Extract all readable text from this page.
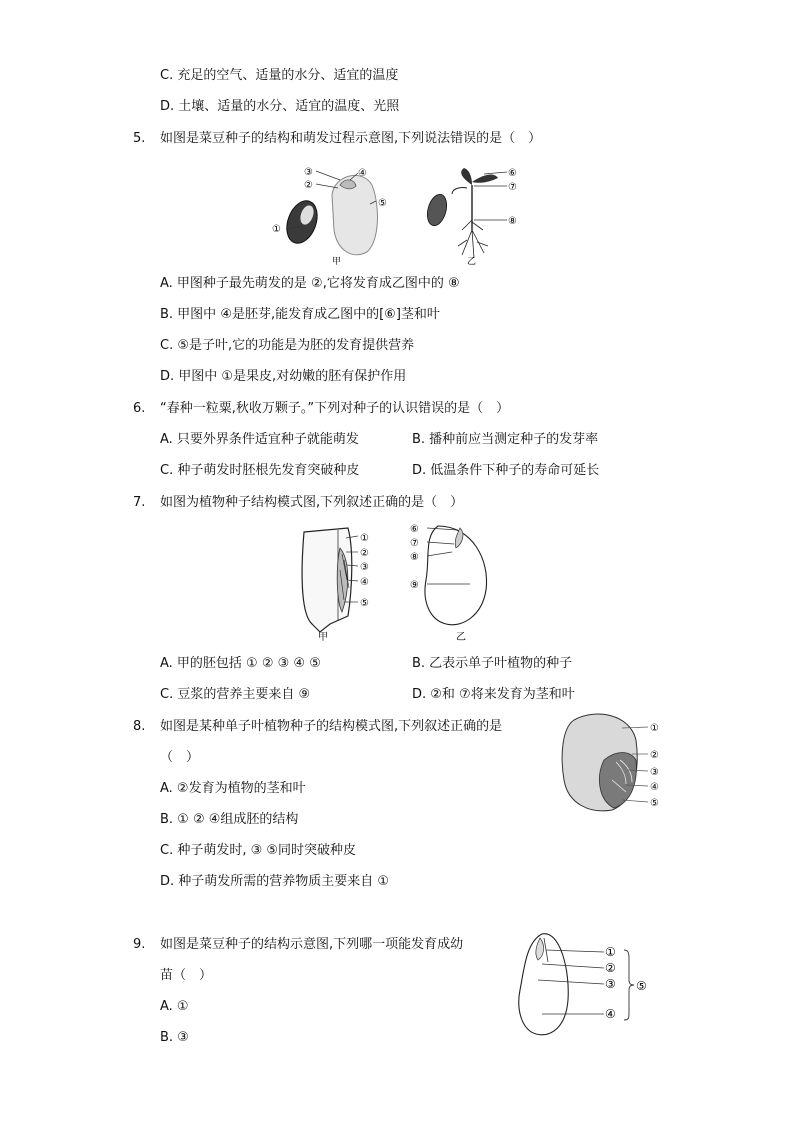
C. 充足的空气、适量的水分、适宜的温度
D. 土壤、适量的水分、适宜的温度、光照
5. 如图是菜豆种子的结构和萌发过程示意图,下列说法错误的是（　）
③
②
①
④
⑤
甲
⑥
⑦
⑧
乙
A. 甲图种子最先萌发的是 ②,它将发育成乙图中的 ⑧
B. 甲图中 ④是胚芽,能发育成乙图中的[⑥]茎和叶
C. ⑤是子叶,它的功能是为胚的发育提供营养
D. 甲图中 ①是果皮,对幼嫩的胚有保护作用
6. “春种一粒粟,秋收万颗子。”下列对种子的认识错误的是（　）
A. 只要外界条件适宜种子就能萌发	B. 播种前应当测定种子的发芽率
C. 种子萌发时胚根先发育突破种皮	D. 低温条件下种子的寿命可延长
7. 如图为植物种子结构模式图,下列叙述正确的是（　）
①
②
③
④
⑤
甲
⑥
⑦
⑧
⑨
乙
A. 甲的胚包括 ① ② ③ ④ ⑤	B. 乙表示单子叶植物的种子
C. 豆浆的营养主要来自 ⑨	D. ②和 ⑦将来发育为茎和叶
8. 如图是某种单子叶植物种子的结构模式图,下列叙述正确的是
（　）
①
②
③
④
⑤
A. ②发育为植物的茎和叶
B. ① ② ④组成胚的结构
C. 种子萌发时, ③ ⑤同时突破种皮
D. 种子萌发所需的营养物质主要来自 ①
9. 如图是菜豆种子的结构示意图,下列哪一项能发育成幼
苗（　）
①
②
③
④
⑤
A. ①
B. ③
